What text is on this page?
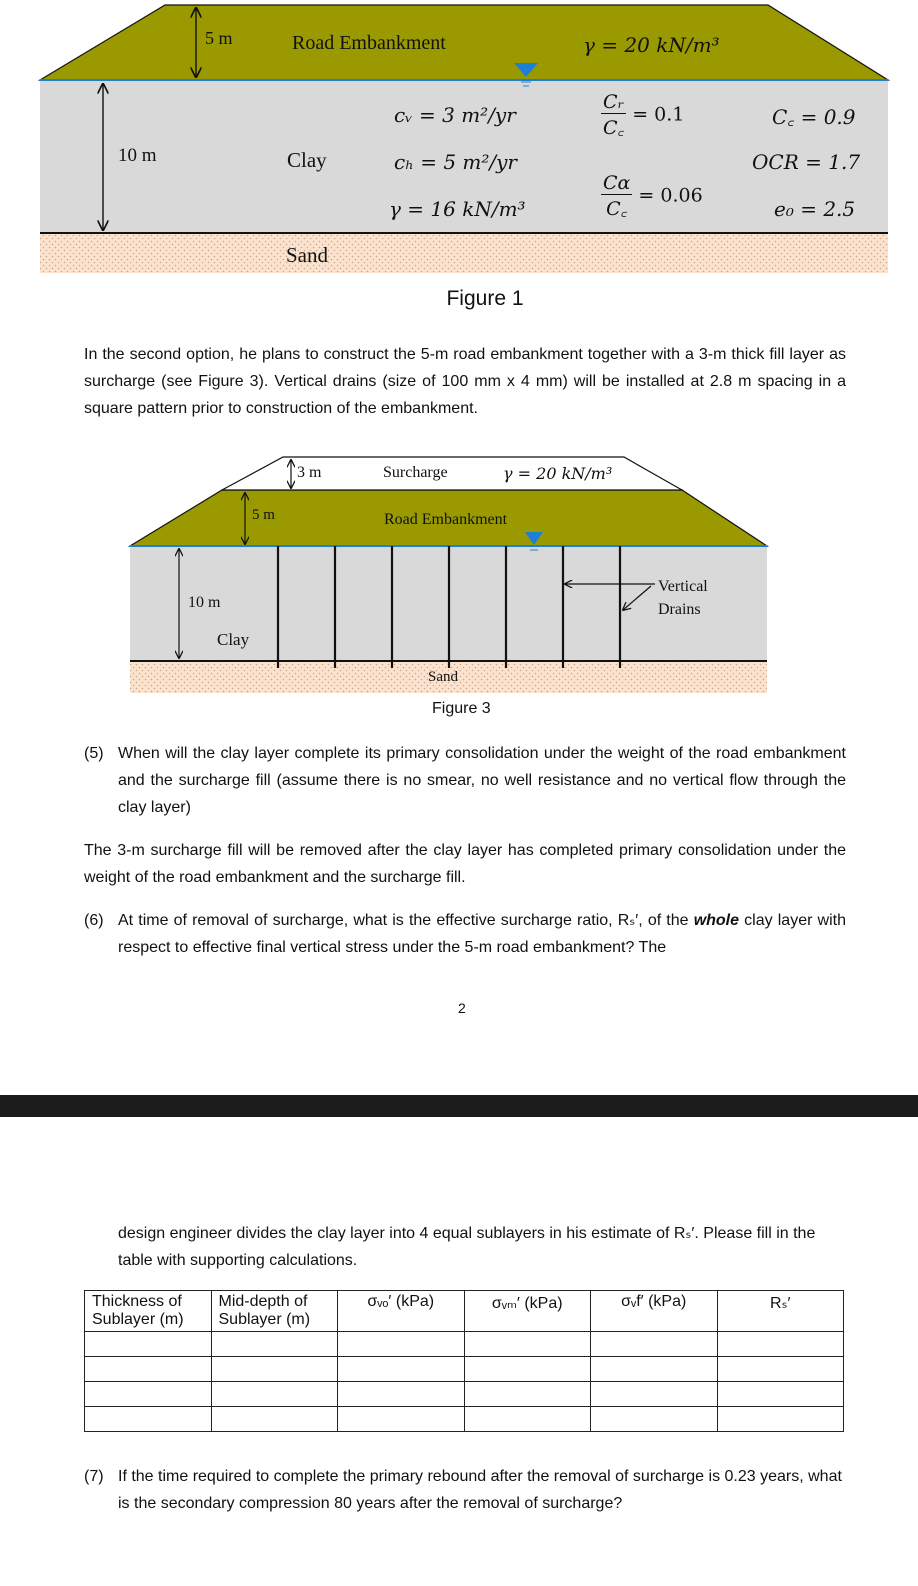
5 m	Road Embankment	γ = 20 kN/m³
10 m	Clay
cᵥ = 3 m²/yr
cₕ = 5 m²/yr
γ = 16 kN/m³
$\frac{\text{Cᵣ}}{C꜀} = 0.1$
$\frac{C\alpha}{C꜀} = 0.06$
C꜀ = 0.9
OCR = 1.7
e₀ = 2.5
Sand
Figure 1
In the second option, he plans to construct the 5-m road embankment together with a 3-m thick fill layer as surcharge (see Figure 3). Vertical drains (size of 100 mm x 4 mm) will be installed at 2.8 m spacing in a square pattern prior to construction of the embankment.
3 m	Surcharge	γ = 20 kN/m³
5 m	Road Embankment
10 m
Clay
Vertical
Drains
Sand
Figure 3
(5) When will the clay layer complete its primary consolidation under the weight of the road embankment and the surcharge fill (assume there is no smear, no well resistance and no vertical flow through the clay layer)
The 3-m surcharge fill will be removed after the clay layer has completed primary consolidation under the weight of the road embankment and the surcharge fill.
(6) At time of removal of surcharge, what is the effective surcharge ratio, Rₛ′, of the whole clay layer with respect to effective final vertical stress under the 5-m road embankment? The
2
design engineer divides the clay layer into 4 equal sublayers in his estimate of Rₛ′. Please fill in the table with supporting calculations.
Thickness of Sublayer (m)	Mid-depth of Sublayer (m)	σᵥₒ′ (kPa)	σᵥₘ′ (kPa)	σᵥf′ (kPa)	Rₛ′

(7) If the time required to complete the primary rebound after the removal of surcharge is 0.23 years, what is the secondary compression 80 years after the removal of surcharge?
